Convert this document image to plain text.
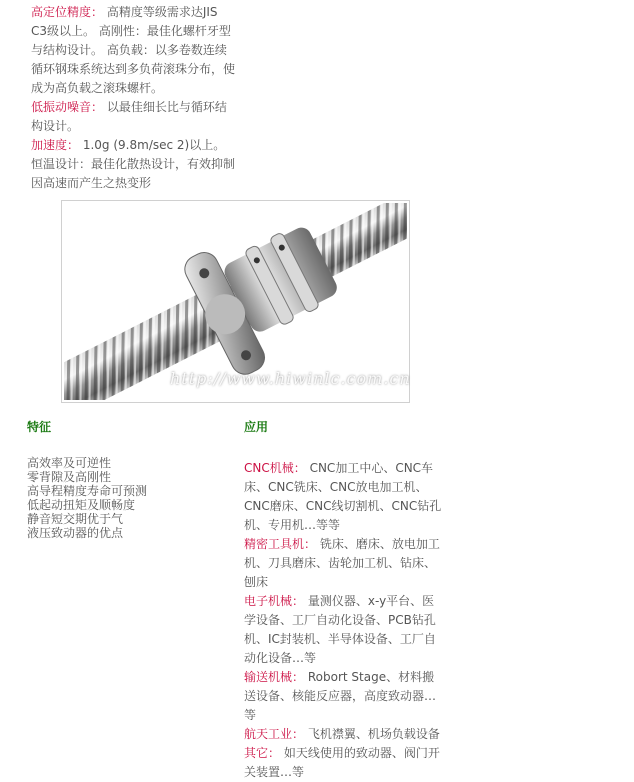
高定位精度： 高精度等级需求达JIS C3级以上。 高刚性：最佳化螺杆牙型与结构设计。 高负载：以多卷数连续循环钢珠系统达到多负荷滚珠分布，使成为高负载之滚珠螺杆。
低振动噪音： 以最佳细长比与循环结构设计。
加速度： 1.0g (9.8m/sec 2)以上。 恒温设计：最佳化散热设计，有效抑制因高速而产生之热变形
http://www.hiwinlc.com.cn
特征
高效率及可逆性
零背隙及高刚性
高导程精度寿命可预测
低起动扭矩及顺畅度
静音短交期优于气
液压致动器的优点
应用

CNC机械： CNC加工中心、CNC车床、CNC铣床、CNC放电加工机、CNC磨床、CNC线切割机、CNC钻孔机、专用机…等等

精密工具机： 铣床、磨床、放电加工机、刀具磨床、齿轮加工机、钻床、刨床

电子机械： 量测仪器、x-y平台、医学设备、工厂自动化设备、PCB钻孔机、IC封装机、半导体设备、工厂自动化设备…等

输送机械： Robort Stage、材料搬送设备、核能反应器，高度致动器…等

航天工业： 飞机襟翼、机场负载设备

其它： 如天线使用的致动器、阀门开关装置…等
